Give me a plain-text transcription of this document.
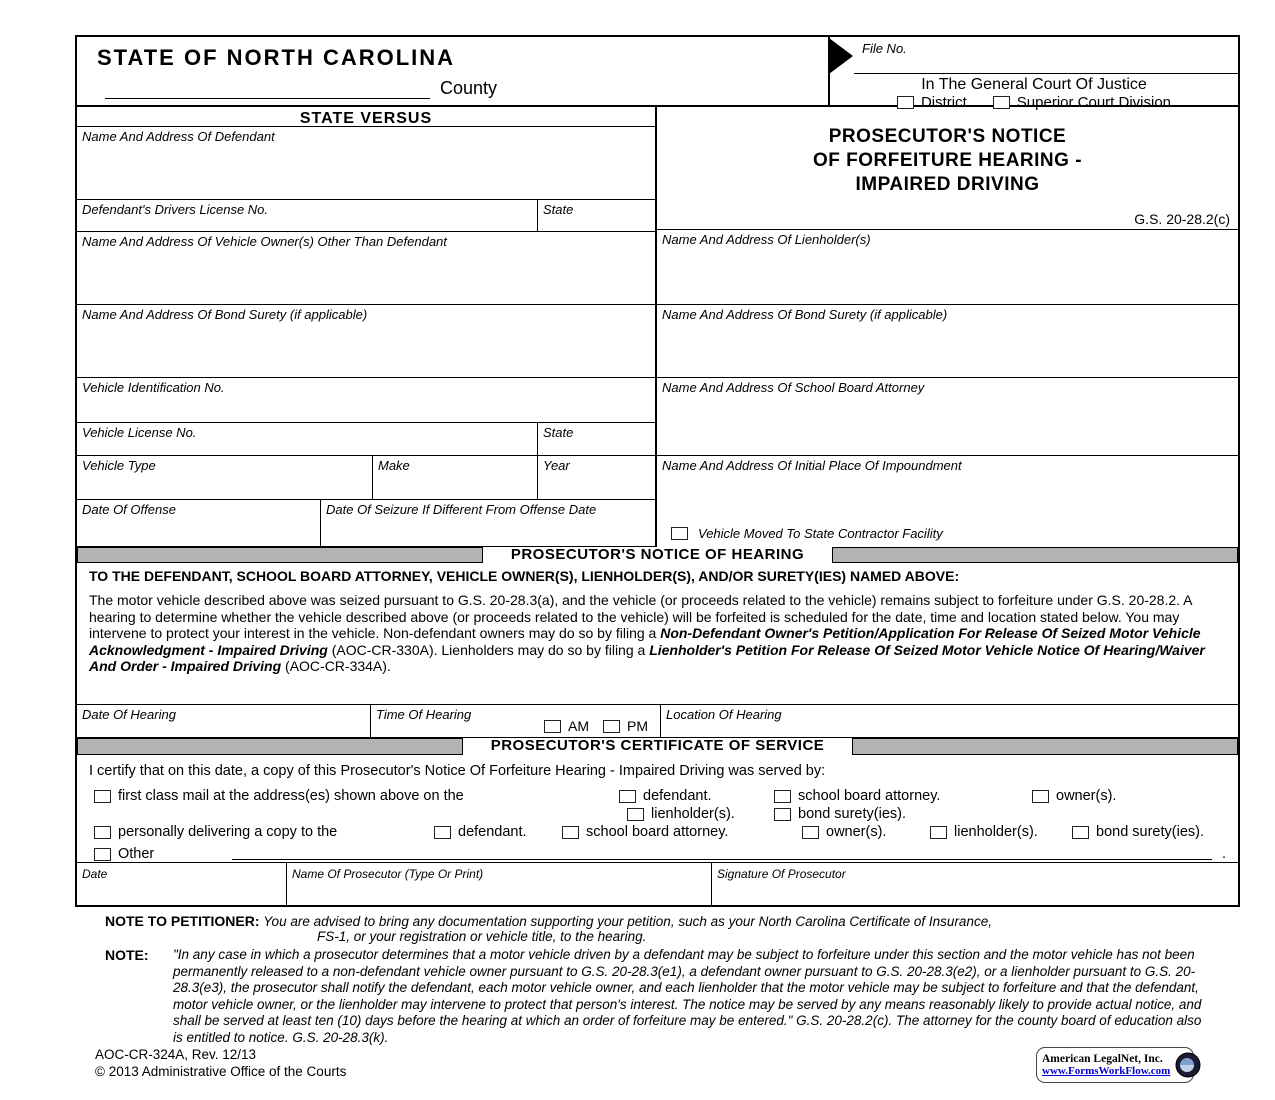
STATE OF NORTH CAROLINA
County
File No.
In The General Court Of Justice
District	Superior Court Division
STATE VERSUS
Name And Address Of Defendant
Defendant's Drivers License No.	State
Name And Address Of Vehicle Owner(s) Other Than Defendant
Name And Address Of Bond Surety (if applicable)
Vehicle Identification No.
Vehicle License No.	State
Vehicle Type	Make	Year
Date Of Offense	Date Of Seizure If Different From Offense Date
PROSECUTOR'S NOTICE
OF FORFEITURE HEARING -
IMPAIRED DRIVING
G.S. 20-28.2(c)
Name And Address Of Lienholder(s)
Name And Address Of Bond Surety (if applicable)
Name And Address Of School Board Attorney
Name And Address Of Initial Place Of Impoundment
Vehicle Moved To State Contractor Facility
PROSECUTOR'S NOTICE OF HEARING
TO THE DEFENDANT, SCHOOL BOARD ATTORNEY, VEHICLE OWNER(S), LIENHOLDER(S), AND/OR SURETY(IES) NAMED ABOVE:
The motor vehicle described above was seized pursuant to G.S. 20-28.3(a), and the vehicle (or proceeds related to the vehicle) remains subject to forfeiture under G.S. 20-28.2. A hearing to determine whether the vehicle described above (or proceeds related to the vehicle) will be forfeited is scheduled for the date, time and location stated below. You may intervene to protect your interest in the vehicle. Non-defendant owners may do so by filing a Non-Defendant Owner's Petition/Application For Release Of Seized Motor Vehicle Acknowledgment - Impaired Driving (AOC-CR-330A). Lienholders may do so by filing a Lienholder's Petition For Release Of Seized Motor Vehicle Notice Of Hearing/Waiver And Order - Impaired Driving (AOC-CR-334A).
Date Of Hearing	Time Of Hearing
AM	PM
Location Of Hearing
PROSECUTOR'S CERTIFICATE OF SERVICE
I certify that on this date, a copy of this Prosecutor's Notice Of Forfeiture Hearing - Impaired Driving was served by:
first class mail at the address(es) shown above on the	defendant.	school board attorney.	owner(s).
lienholder(s).	bond surety(ies).
personally delivering a copy to the	defendant.	school board attorney.	owner(s).	lienholder(s).	bond surety(ies).
Other	.
Date	Name Of Prosecutor (Type Or Print)	Signature Of Prosecutor
NOTE TO PETITIONER: You are advised to bring any documentation supporting your petition, such as your North Carolina Certificate of Insurance,
FS-1, or your registration or vehicle title, to the hearing.
NOTE:	"In any case in which a prosecutor determines that a motor vehicle driven by a defendant may be subject to forfeiture under this section and the motor vehicle has not been permanently released to a non-defendant vehicle owner pursuant to G.S. 20-28.3(e1), a defendant owner pursuant to G.S. 20-28.3(e2), or a lienholder pursuant to G.S. 20-28.3(e3), the prosecutor shall notify the defendant, each motor vehicle owner, and each lienholder that the motor vehicle may be subject to forfeiture and that the defendant, motor vehicle owner, or the lienholder may intervene to protect that person's interest. The notice may be served by any means reasonably likely to provide actual notice, and shall be served at least ten (10) days before the hearing at which an order of forfeiture may be entered." G.S. 20-28.2(c). The attorney for the county board of education also is entitled to notice. G.S. 20-28.3(k).
AOC-CR-324A, Rev. 12/13
© 2013 Administrative Office of the Courts
American LegalNet, Inc.
www.FormsWorkFlow.com
